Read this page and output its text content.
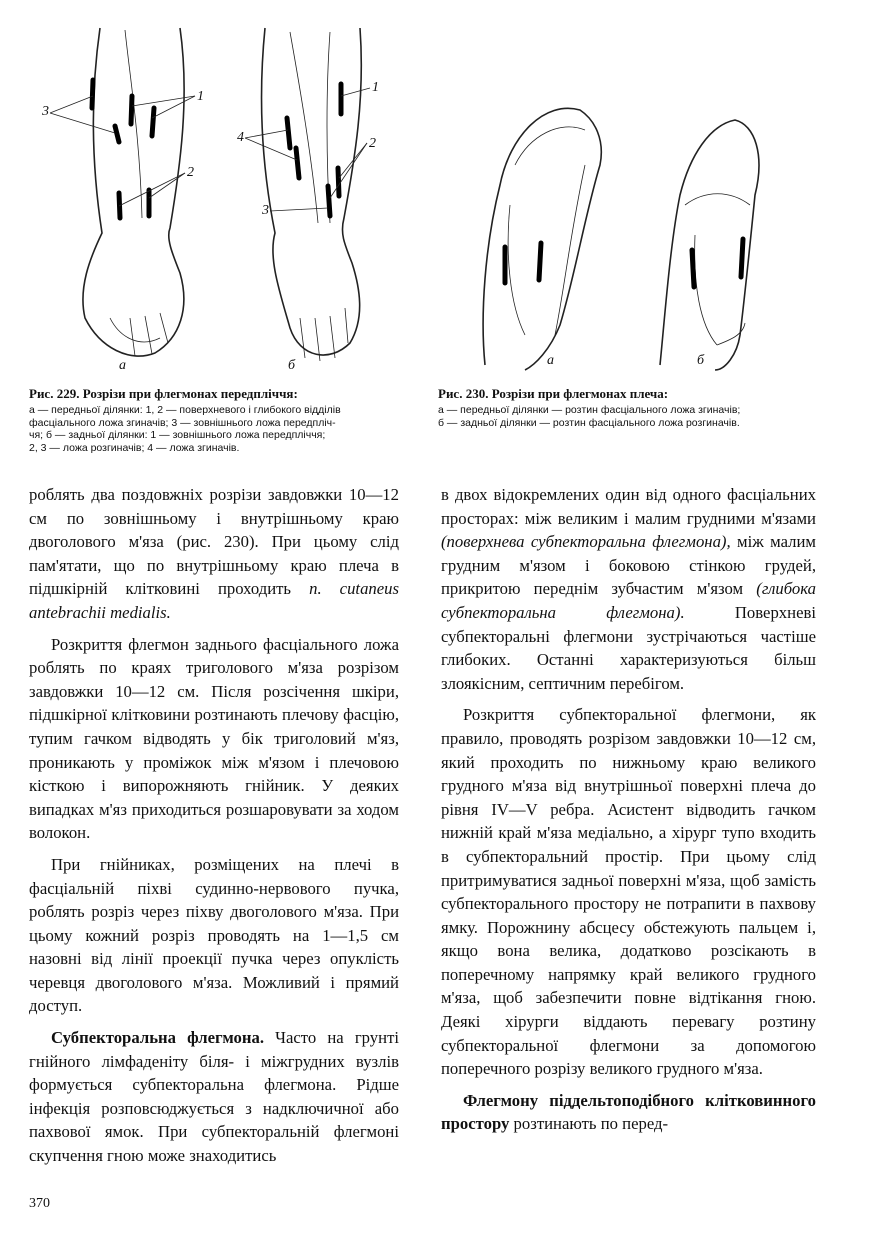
3
1
2
1
2
4
3
а	б	а	б
Рис. 229. Розрізи при флегмонах передпліччя:
а — передньої ділянки: 1, 2 — поверхневого і глибокого відділів
фасціального ложа згиначів; 3 — зовнішнього ложа передпліч-
чя; б — задньої ділянки: 1 — зовнішнього ложа передпліччя;
2, 3 — ложа розгиначів; 4 — ложа згиначів.
Рис. 230. Розрізи при флегмонах плеча:
а — передньої ділянки — розтин фасціального ложа згиначів;
б — задньої ділянки — розтин фасціального ложа розгиначів.

роблять два поздовжніх розрізи завдовжки 10—12 см по зовнішньому і внутрішньому краю двоголового м'яза (рис. 230). При цьому слід пам'ятати, що по внутрішньому краю плеча в підшкірній клітковині проходить n. cutaneus antebrachii medialis.

Розкриття флегмон заднього фасціального ложа роблять по краях триголового м'яза розрізом завдовжки 10—12 см. Після розсічення шкіри, підшкірної клітковини розтинають плечову фасцію, тупим гачком відводять у бік триголовий м'яз, проникають у проміжок між м'язом і плечовою кісткою і випорожняють гнійник. У деяких випадках м'яз приходиться розшаровувати за ходом волокон.

При гнійниках, розміщених на плечі в фасціальній піхві судинно-нервового пучка, роблять розріз через піхву двоголового м'яза. При цьому кожний розріз проводять на 1—1,5 см назовні від лінії проекції пучка через опуклість черевця двоголового м'яза. Можливий і прямий доступ.

Субпекторальна флегмона. Часто на грунті гнійного лімфаденіту біля- і міжгрудних вузлів формується субпекторальна флегмона. Рідше інфекція розповсюджується з надключичної або пахвової ямок. При субпекторальній флегмоні скупчення гною може знаходитись

в двох відокремлених один від одного фасціальних просторах: між великим і малим грудними м'язами (поверхнева субпекторальна флегмона), між малим грудним м'язом і боковою стінкою грудей, прикритою переднім зубчастим м'язом (глибока субпекторальна флегмона). Поверхневі субпекторальні флегмони зустрічаються частіше глибоких. Останні характеризуються більш злоякісним, септичним перебігом.

Розкриття субпекторальної флегмони, як правило, проводять розрізом завдовжки 10—12 см, який проходить по нижньому краю великого грудного м'яза від внутрішньої поверхні плеча до рівня IV—V ребра. Асистент відводить гачком нижній край м'яза медіально, а хірург тупо входить в субпекторальний простір. При цьому слід притримуватися задньої поверхні м'яза, щоб замість субпекторального простору не потрапити в пахвову ямку. Порожнину абсцесу обстежують пальцем і, якщо вона велика, додатково розсікають в поперечному напрямку край великого грудного м'яза, щоб забезпечити повне відтікання гною. Деякі хірурги віддають перевагу розтину субпекторальної флегмони за допомогою поперечного розрізу великого грудного м'яза.

Флегмону піддельтоподібного клітковинного простору розтинають по перед-

370
